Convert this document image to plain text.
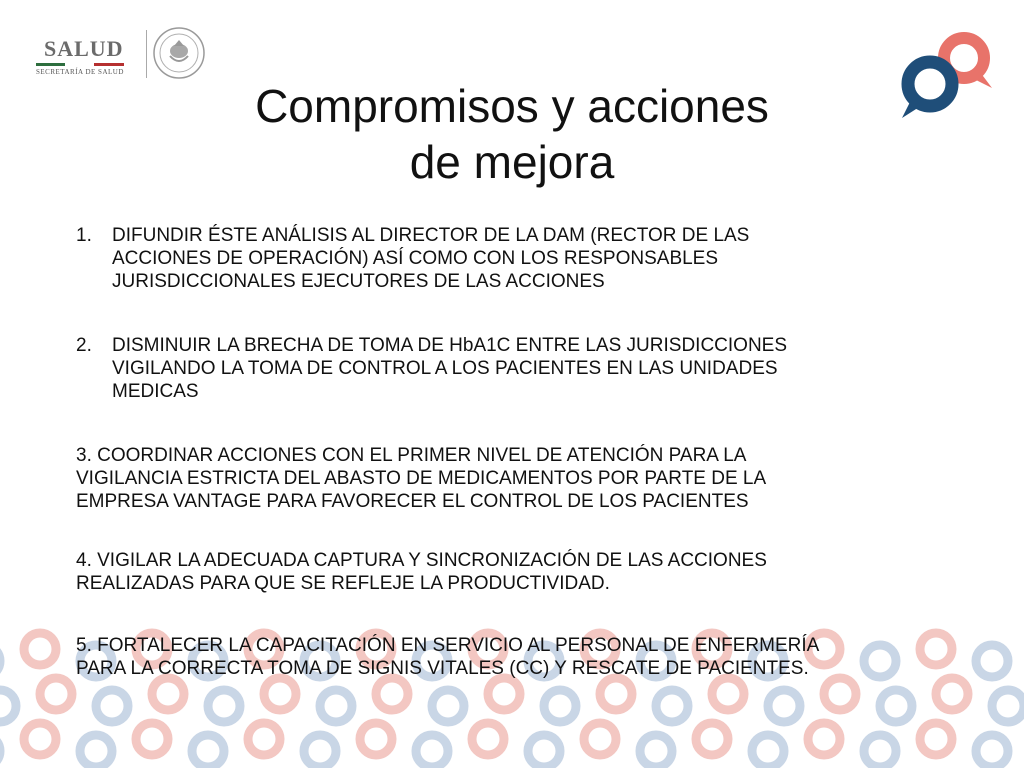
SALUD
SECRETARÍA DE SALUD
Compromisos y acciones
de mejora
1. DIFUNDIR ÉSTE ANÁLISIS AL DIRECTOR DE LA DAM (RECTOR DE LAS
ACCIONES DE OPERACIÓN) ASÍ COMO CON LOS RESPONSABLES
JURISDICCIONALES EJECUTORES DE LAS ACCIONES
2. DISMINUIR LA BRECHA DE TOMA DE HbA1C ENTRE LAS JURISDICCIONES
VIGILANDO LA TOMA DE CONTROL A LOS PACIENTES EN LAS UNIDADES
MEDICAS
3. COORDINAR ACCIONES CON EL PRIMER NIVEL DE ATENCIÓN PARA LA
VIGILANCIA ESTRICTA DEL ABASTO DE MEDICAMENTOS POR PARTE DE LA
EMPRESA VANTAGE PARA FAVORECER EL CONTROL DE LOS PACIENTES
4. VIGILAR LA ADECUADA CAPTURA Y SINCRONIZACIÓN DE LAS ACCIONES
REALIZADAS PARA QUE SE REFLEJE LA PRODUCTIVIDAD.
5. FORTALECER LA CAPACITACIÓN EN SERVICIO AL PERSONAL DE ENFERMERÍA
PARA LA CORRECTA TOMA DE SIGNIS VITALES (CC) Y RESCATE DE PACIENTES.
